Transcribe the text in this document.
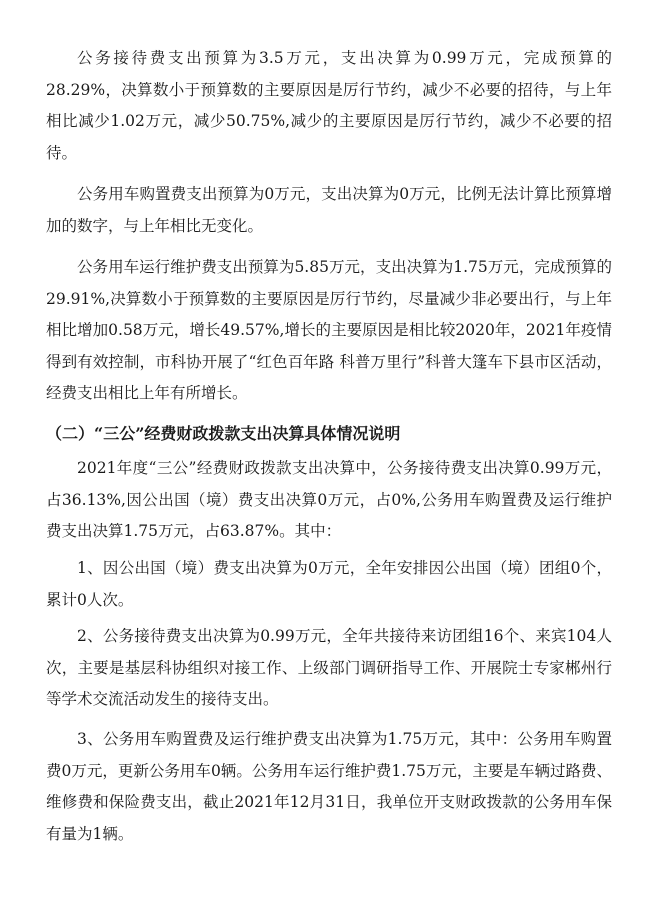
公务接待费支出预算为3.5万元，支出决算为0.99万元，完成预算的28.29%，决算数小于预算数的主要原因是厉行节约，减少不必要的招待，与上年相比减少1.02万元，减少50.75%,减少的主要原因是厉行节约，减少不必要的招待。

公务用车购置费支出预算为0万元，支出决算为0万元，比例无法计算比预算增加的数字，与上年相比无变化。

公务用车运行维护费支出预算为5.85万元，支出决算为1.75万元，完成预算的29.91%,决算数小于预算数的主要原因是厉行节约，尽量减少非必要出行，与上年相比增加0.58万元，增长49.57%,增长的主要原因是相比较2020年，2021年疫情得到有效控制，市科协开展了“红色百年路 科普万里行”科普大篷车下县市区活动，经费支出相比上年有所增长。

（二）“三公”经费财政拨款支出决算具体情况说明

2021年度“三公”经费财政拨款支出决算中，公务接待费支出决算0.99万元，占36.13%,因公出国（境）费支出决算0万元，占0%,公务用车购置费及运行维护费支出决算1.75万元，占63.87%。其中：

1、因公出国（境）费支出决算为0万元，全年安排因公出国（境）团组0个，累计0人次。

2、公务接待费支出决算为0.99万元，全年共接待来访团组16个、来宾104人次，主要是基层科协组织对接工作、上级部门调研指导工作、开展院士专家郴州行等学术交流活动发生的接待支出。

3、公务用车购置费及运行维护费支出决算为1.75万元，其中：公务用车购置费0万元，更新公务用车0辆。公务用车运行维护费1.75万元，主要是车辆过路费、维修费和保险费支出，截止2021年12月31日，我单位开支财政拨款的公务用车保有量为1辆。
